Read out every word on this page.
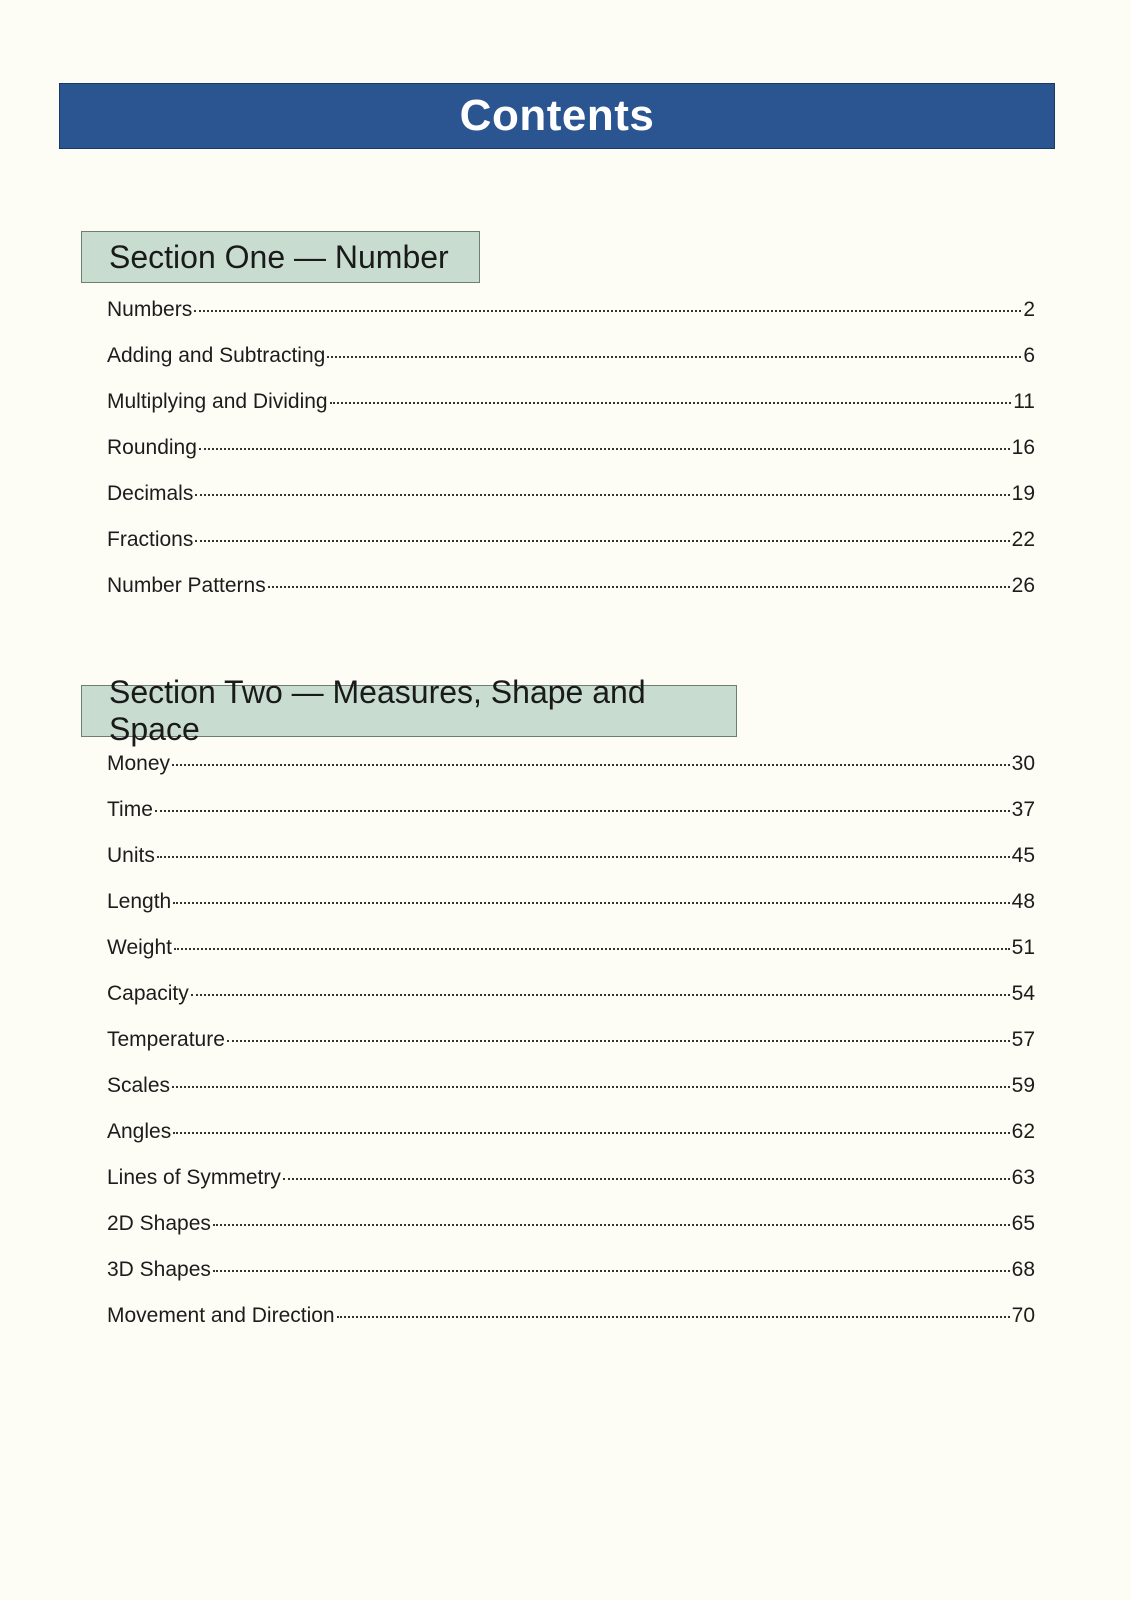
Contents
Section One — Number
Numbers	2
Adding and Subtracting	6
Multiplying and Dividing	11
Rounding	16
Decimals	19
Fractions	22
Number Patterns	26
Section Two — Measures, Shape and Space
Money	30
Time	37
Units	45
Length	48
Weight	51
Capacity	54
Temperature	57
Scales	59
Angles	62
Lines of Symmetry	63
2D Shapes	65
3D Shapes	68
Movement and Direction	70
